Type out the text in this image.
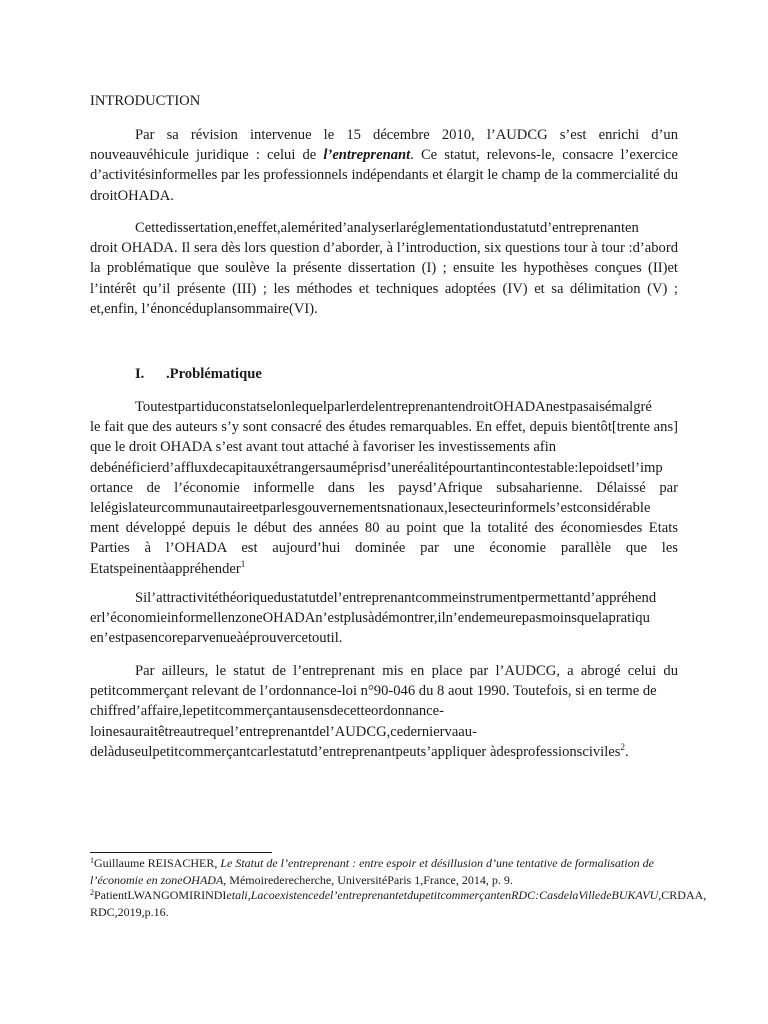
INTRODUCTION

Par sa révision intervenue le 15 décembre 2010, l’AUDCG s’est enrichi d’un nouveauvéhicule juridique : celui de l’entreprenant. Ce statut, relevons-le, consacre l’exercice d’activitésinformelles par les professionnels indépendants et élargit le champ de la commercialité du droitOHADA.

Cettedissertation,eneffet,alemérited’analyserlaréglementationdustatutd’entreprenanten
droit OHADA. Il sera dès lors question d’aborder, à l’introduction, six questions tour à tour :d’abord la problématique que soulève la présente dissertation (I) ; ensuite les hypothèses conçues (II)et l’intérêt qu’il présente (III) ; les méthodes et techniques adoptées (IV) et sa délimitation (V) ; et,enfin, l’énoncéduplansommaire(VI).
I. .Problématique
ToutestpartiduconstatselonlequelparlerdelentreprenantendroitOHADAnestpasaisémalgré
le fait que des auteurs s’y sont consacré des études remarquables. En effet, depuis bientôt[trente ans] que le droit OHADA s’est avant tout attaché à favoriser les investissements afin
debénéficierd’affluxdecapitauxétrangersauméprisd’uneréalitépourtantincontestable:lepoidsetl’imp
ortance de l’économie informelle dans les paysd’Afrique subsaharienne. Délaissé par
lelégislateurcommunautaireetparlesgouvernementsnationaux,lesecteurinformels’estconsidérable
ment développé depuis le début des années 80 au point que la totalité des économiesdes Etats
Parties à l’OHADA est aujourd’hui dominée par une économie parallèle que les
Etatspeinentàappréhender$^1$
Sil’attractivitéthéoriquedustatutdel’entreprenantcommeinstrumentpermettantd’appréhend
erl’économieinformellenzoneOHADAn’estplusàdémontrer,iln’endemeurepasmoinsquelapratiqu
en’estpasencoreparvenueàéprouvercetoutil.
Par ailleurs, le statut de l’entreprenant mis en place par l’AUDCG, a abrogé celui du petitcommerçant relevant de l’ordonnance-loi n°90-046 du 8 aout 1990. Toutefois, si en terme de
chiffred’affaire,lepetitcommerçantausensdecetteordonnance-
loinesauraitêtreautrequel’entreprenantdel’AUDCG,cederniervaau-
delàduseulpetitcommerçantcarlestatutd’entreprenantpeuts’appliquer àdesprofessionsciviles$^2$.
$^1$Guillaume REISACHER, Le Statut de l’entreprenant : entre espoir et désillusion d’une tentative de formalisation de l’économie en zoneOHADA, Mémoirederecherche, UniversitéParis 1,France, 2014, p. 9.
$^2$PatientLWANGOMIRINDIetali,Lacoexistencedel’entreprenantetdupetitcommerçantenRDC:CasdelaVilledeBUKAVU,CRDAA, RDC,2019,p.16.
